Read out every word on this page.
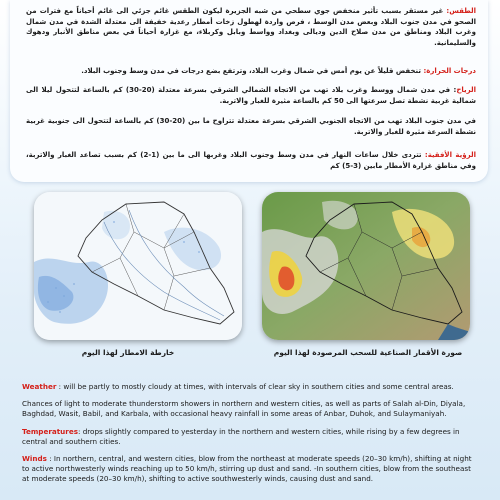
الطقس: غير مستقر بسبب تأثير منخفض جوي سطحي من شبه الجزيرة ليكون الطقس غائم جزئي الى غائم أحياناً مع فترات من الصحو في مدن جنوب البلاد وبعض مدن الوسط ، فرص واردة لهطول زخات أمطار رعدية خفيفة الى معتدلة الشدة في مدن شمال وغرب البلاد ومناطق من مدن صلاح الدين وديالى وبغداد وواسط وبابل وكربلاء، مع غزارة أحياناً في بعض مناطق الأنبار ودهوك والسليمانية.

درجات الحرارة: تنخفض قليلاً عن يوم أمس في شمال وغرب البلاد، وترتفع بضع درجات في مدن وسط وجنوب البلاد.

الرياح: في مدن شمال ووسط وغرب بلاد تهب من الاتجاه الشمالي الشرقي بسرعة معتدلة (20-30) كم بالساعة لتتحول ليلا الى شمالية غربية نشطة تصل سرعتها الى 50 كم بالساعة مثيرة للغبار والاتربة.

في مدن جنوب البلاد تهب من الاتجاه الجنوبي الشرقي بسرعة معتدلة تتراوح ما بين (20-30) كم بالساعة لتتحول الى جنوبية غربية نشطة السرعة مثيرة للغبار والاتربة.

الرؤية الأفقية: تتردى خلال ساعات النهار في مدن وسط وجنوب البلاد وغربها الى ما بين (1-2) كم بسبب تصاعد الغبار والاتربة، وفي مناطق غزارة الأمطار مابين (3-5) كم

خارطة الامطار لهذا اليوم	صورة الأقمار الصناعية للسحب المرصودة لهذا اليوم

Weather : will be partly to mostly cloudy at times, with intervals of clear sky in southern cities and some central areas.

Chances of light to moderate thunderstorm showers in northern and western cities, as well as parts of Salah al-Din, Diyala, Baghdad, Wasit, Babil, and Karbala, with occasional heavy rainfall in some areas of Anbar, Duhok, and Sulaymaniyah.

Temperatures: drops slightly compared to yesterday in the northern and western cities, while rising by a few degrees in central and southern cities.

Winds : In northern, central, and western cities, blow from the northeast at moderate speeds (20–30 km/h), shifting at night to active northwesterly winds reaching up to 50 km/h, stirring up dust and sand. -In southern cities, blow from the southeast at moderate speeds (20–30 km/h), shifting to active southwesterly winds, causing dust and sand.
